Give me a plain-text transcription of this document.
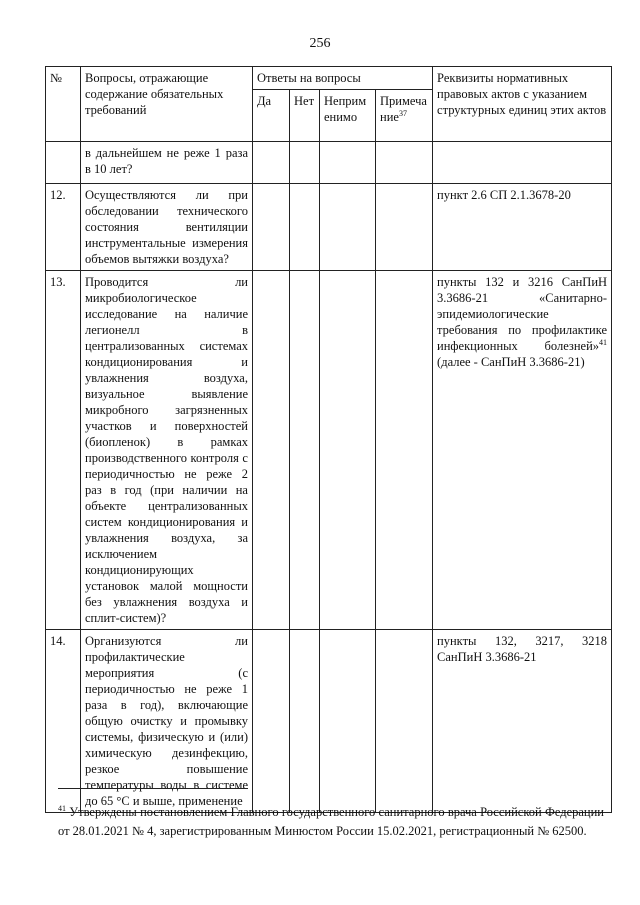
256
№	Вопросы, отражающие содержание обязательных требований	Ответы на вопросы				Реквизиты нормативных правовых актов с указанием структурных единиц этих актов
		Да	Нет	Неприменимо	Примечание$^{37}$
	в дальнейшем не реже 1 раза в 10 лет?					
12.	Осуществляются ли при обследовании технического состояния вентиляции инструментальные измерения объемов вытяжки воздуха?					пункт 2.6 СП 2.1.3678-20
13.	Проводится ли микробиологическое исследование на наличие легионелл в централизованных системах кондиционирования и увлажнения воздуха, визуальное выявление микробного загрязненных участков и поверхностей (биопленок) в рамках производственного контроля с периодичностью не реже 2 раз в год (при наличии на объекте централизованных систем кондиционирования и увлажнения воздуха, за исключением кондиционирующих установок малой мощности без увлажнения воздуха и сплит-систем)?					пункты 132 и 3216 СанПиН 3.3686-21 «Санитарно-эпидемиологические требования по профилактике инфекционных болезней»$^{41}$ (далее - СанПиН 3.3686-21)
14.	Организуются ли профилактические мероприятия (с периодичностью не реже 1 раза в год), включающие общую очистку и промывку системы, физическую и (или) химическую дезинфекцию, резкое повышение температуры воды в системе до 65 °С и выше, применение					пункты 132, 3217, 3218 СанПиН 3.3686-21
$^{41}$ Утверждены постановлением Главного государственного санитарного врача Российской Федерации от 28.01.2021 № 4, зарегистрированным Минюстом России 15.02.2021, регистрационный № 62500.
